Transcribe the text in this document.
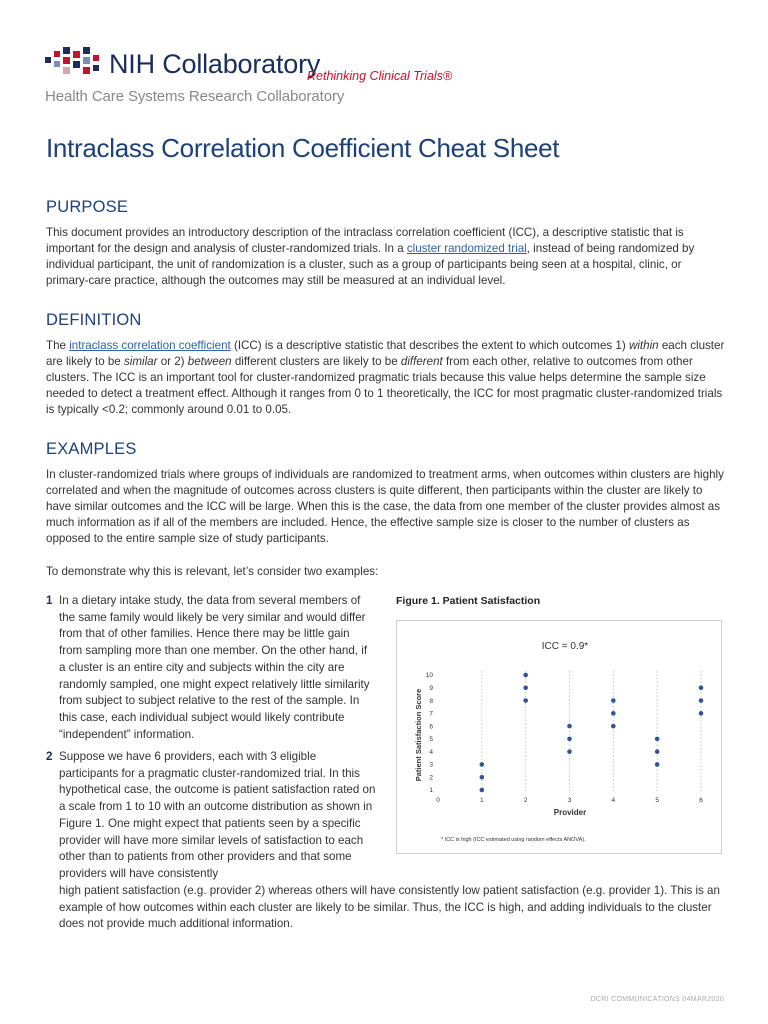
NIH Collaboratory
Rethinking Clinical Trials®
Health Care Systems Research Collaboratory
Intraclass Correlation Coefficient Cheat Sheet
PURPOSE

This document provides an introductory description of the intraclass correlation coefficient (ICC), a descriptive statistic that is important for the design and analysis of cluster-randomized trials. In a cluster randomized trial, instead of being randomized by individual participant, the unit of randomization is a cluster, such as a group of participants being seen at a hospital, clinic, or primary-care practice, although the outcomes may still be measured at an individual level.

DEFINITION

The intraclass correlation coefficient (ICC) is a descriptive statistic that describes the extent to which outcomes 1) within each cluster are likely to be similar or 2) between different clusters are likely to be different from each other, relative to outcomes from other clusters. The ICC is an important tool for cluster-randomized pragmatic trials because this value helps determine the sample size needed to detect a treatment effect. Although it ranges from 0 to 1 theoretically, the ICC for most pragmatic cluster-randomized trials is typically <0.2; commonly around 0.01 to 0.05.

EXAMPLES

In cluster-randomized trials where groups of individuals are randomized to treatment arms, when outcomes within clusters are highly correlated and when the magnitude of outcomes across clusters is quite different, then participants within the cluster are likely to have similar outcomes and the ICC will be large. When this is the case, the data from one member of the cluster provides almost as much information as if all of the members are included. Hence, the effective sample size is closer to the number of clusters as opposed to the entire sample size of study participants.

To demonstrate why this is relevant, let’s consider two examples:

1 In a dietary intake study, the data from several members of the same family would likely be very similar and would differ from that of other families. Hence there may be little gain from sampling more than one member. On the other hand, if a cluster is an entire city and subjects within the city are randomly sampled, one might expect relatively little similarity from subject to subject relative to the rest of the sample. In this case, each individual subject would likely contribute “independent” information.
2 Suppose we have 6 providers, each with 3 eligible participants for a pragmatic cluster-randomized trial. In this hypothetical case, the outcome is patient satisfaction rated on a scale from 1 to 10 with an outcome distribution as shown in Figure 1. One might expect that patients seen by a specific provider will have more similar levels of satisfaction to each other than to patients from other providers and that some providers will have consistently
high patient satisfaction (e.g. provider 2) whereas others will have consistently low patient satisfaction (e.g. provider 1). This is an example of how outcomes within each cluster are likely to be similar. Thus, the ICC is high, and adding individuals to the cluster does not provide much additional information.
Figure 1. Patient Satisfaction
ICC = 0.9*
Patient Satisfaction Score
Provider
1
2
3
4
5
6
7
8
9
10
0	1	2	3	4	5	6
* ICC is high (ICC estimated using random effects ANOVA).
DCRI COMMUNICATIONS 04MAR2020
